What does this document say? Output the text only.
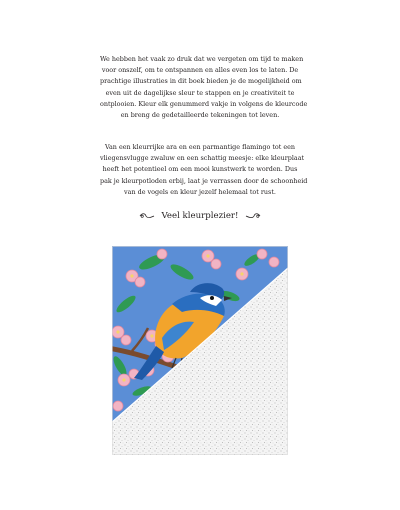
We hebben het vaak zo druk dat we vergeten om tijd te maken
voor onszelf, om te ontspannen en alles even los te laten. De
prachtige illustraties in dit boek bieden je de mogelijkheid om
even uit de dagelijkse sleur te stappen en je creativiteit te
ontplooien. Kleur elk genummerd vakje in volgens de kleurcode
en breng de gedetailleerde tekeningen tot leven.

Van een kleurrijke ara en een parmantige flamingo tot een
vliegensvlugge zwaluw en een schattig meesje: elke kleurplaat
heeft het potentieel om een mooi kunstwerk te worden. Dus
pak je kleurpotloden erbij, laat je verrassen door de schoonheid
van de vogels en kleur jezelf helemaal tot rust.

Veel kleurplezier!
